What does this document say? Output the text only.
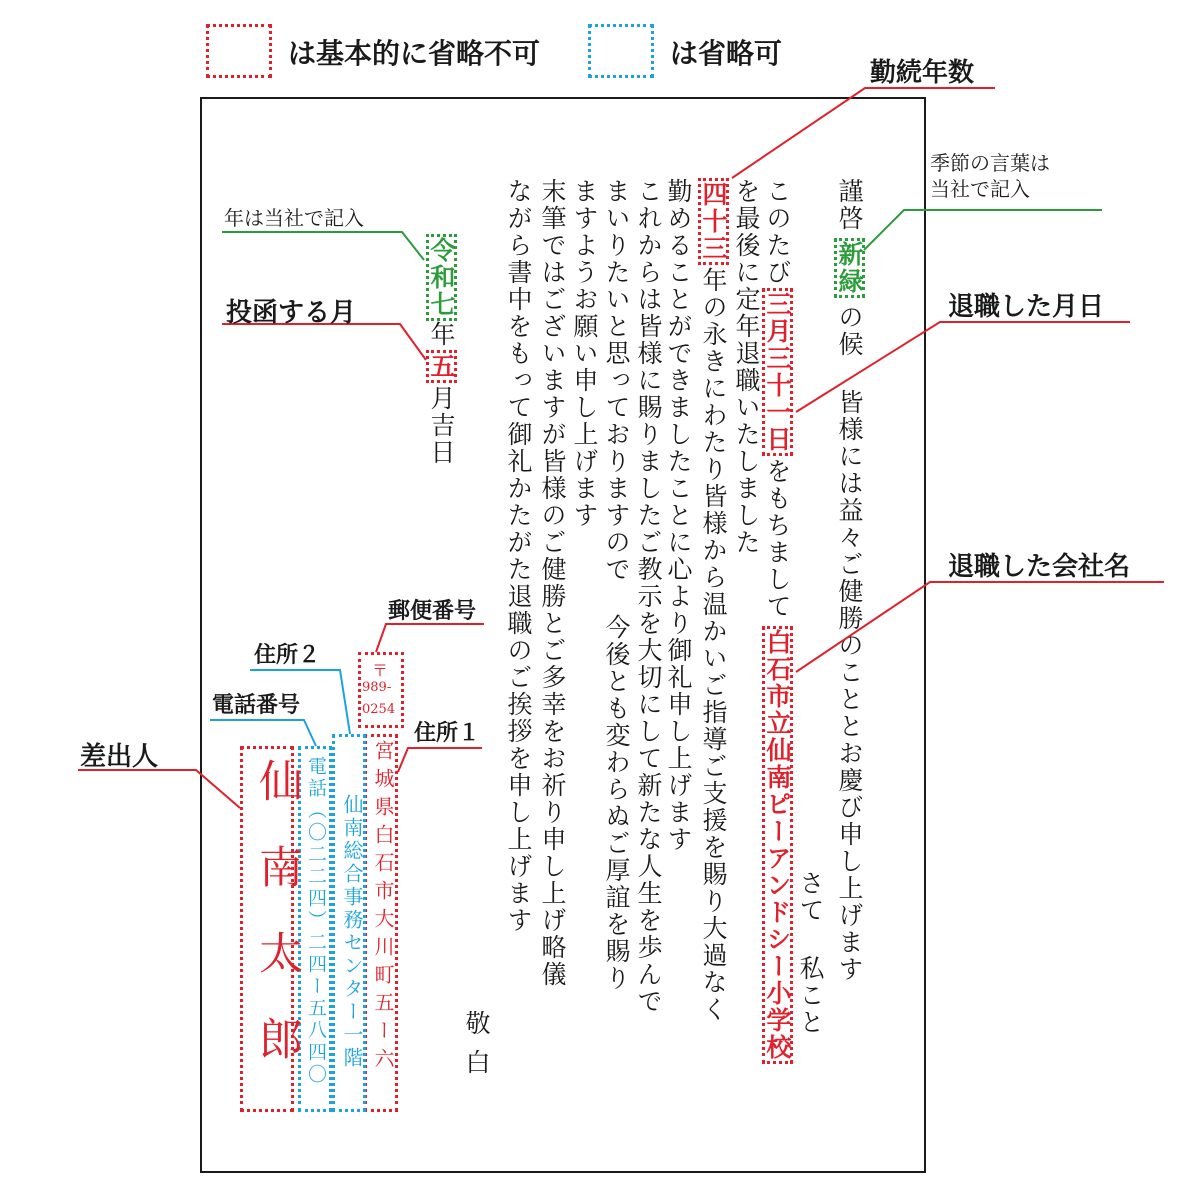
は基本的に省略不可	は省略可
謹啓新緑の候 皆様には益々ご健勝のこととお慶び申し上げます
さて 私こと
このたび三月三十一日をもちまして白石市立仙南ピーアンドシー小学校
を最後に定年退職いたしました
四十三年の永きにわたり皆様から温かいご指導ご支援を賜り大過なく
勤めることができましたことに心より御礼申し上げます
これからは皆様に賜りましたご教示を大切にして新たな人生を歩んで
まいりたいと思っておりますので 今後とも変わらぬご厚誼を賜り
ますようお願い申し上げます
末筆ではございますが皆様のご健勝とご多幸をお祈り申し上げ略儀
ながら書中をもって御礼かたがた退職のご挨拶を申し上げます
敬白
令和七年五月吉日
〒
989-
0254
宮城県白石市大川町五ー六
仙南総合事務センター一階
電話（〇二二四）二四ー五八四〇
仙南太郎
勤続年数
季節の言葉は
当社で記入
退職した月日
退職した会社名
年は当社で記入
投函する月
郵便番号
住所２
電話番号
住所１
差出人
